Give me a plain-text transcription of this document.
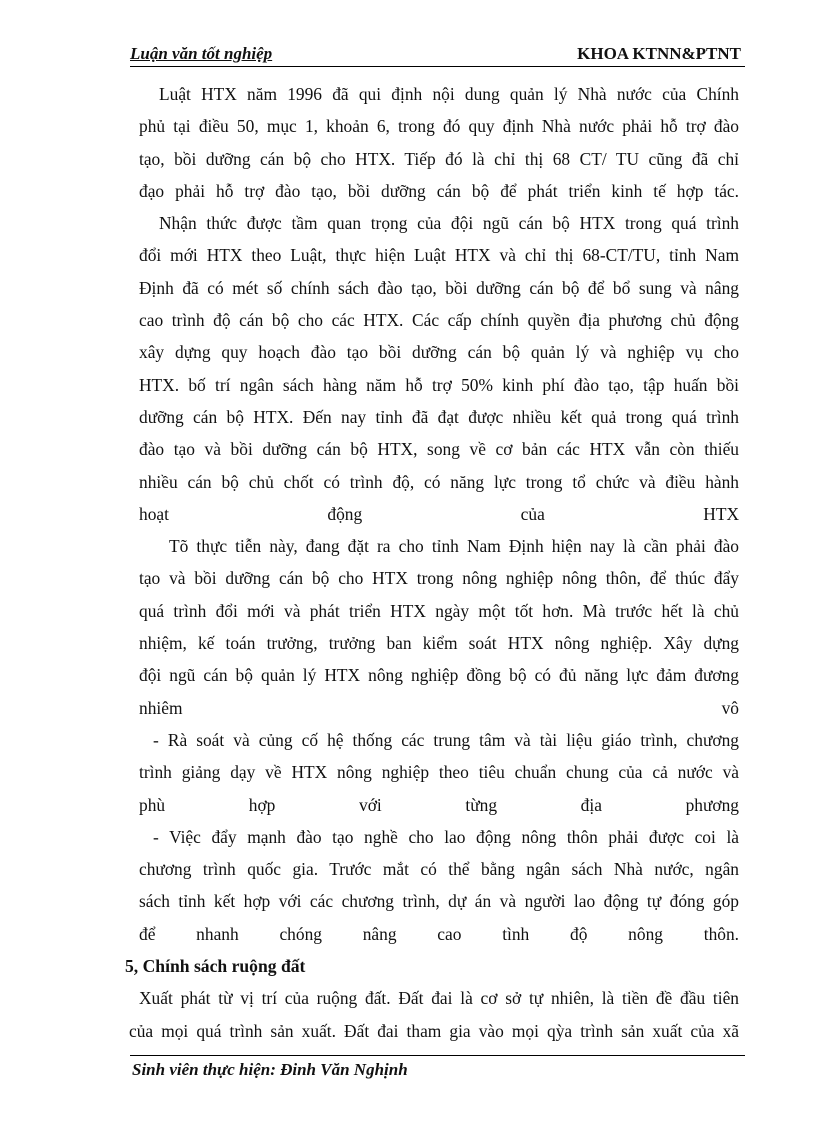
Luận văn tốt nghiệp	KHOA KTNN&PTNT
Luật HTX năm 1996 đã qui định nội dung quản lý Nhà nước của Chính
phủ tại điều 50, mục 1, khoản 6, trong đó quy định Nhà nước phải hỗ trợ đào
tạo, bồi dưỡng cán bộ cho HTX. Tiếp đó là chỉ thị 68 CT/ TU cũng đã chỉ
đạo phải hỗ trợ đào tạo, bồi dưỡng cán bộ để phát triển kinh tế hợp tác.
Nhận thức được tầm quan trọng của đội ngũ cán bộ HTX trong quá trình
đổi mới HTX theo Luật, thực hiện Luật HTX và chỉ thị 68-CT/TU, tỉnh Nam
Định đã có mét số chính sách đào tạo, bồi dưỡng cán bộ để bổ sung và nâng
cao trình độ cán bộ cho các HTX. Các cấp chính quyền địa phương chủ động
xây dựng quy hoạch đào tạo bồi dưỡng cán bộ quản lý và nghiệp vụ cho
HTX. bố trí ngân sách hàng năm hỗ trợ 50% kinh phí đào tạo, tập huấn bồi
dưỡng cán bộ HTX. Đến nay tỉnh đã đạt được nhiều kết quả trong quá trình
đào tạo và bồi dưỡng cán bộ HTX, song về cơ bản các HTX vẫn còn thiếu
nhiều cán bộ chủ chốt có trình độ, có năng lực trong tổ chức và điều hành
hoạt động của HTX
Tõ thực tiễn này, đang đặt ra cho tỉnh Nam Định hiện nay là cần phải đào
tạo và bồi dưỡng cán bộ cho HTX trong nông nghiệp nông thôn, để thúc đẩy
quá trình đổi mới và phát triển HTX ngày một tốt hơn. Mà trước hết là chủ
nhiệm, kế toán trưởng, trưởng ban kiểm soát HTX nông nghiệp. Xây dựng
đội ngũ cán bộ quản lý HTX nông nghiệp đồng bộ có đủ năng lực đảm đương
nhiêm vô
- Rà soát và củng cố hệ thống các trung tâm và tài liệu giáo trình, chương
trình giảng dạy về HTX nông nghiệp theo tiêu chuẩn chung của cả nước và
phù hợp với từng địa phương
- Việc đẩy mạnh đào tạo nghề cho lao động nông thôn phải được coi là
chương trình quốc gia. Trước mắt có thể bằng ngân sách Nhà nước, ngân
sách tỉnh kết hợp với các chương trình, dự án và người lao động tự đóng góp
để nhanh chóng nâng cao tình độ nông thôn.
5, Chính sách ruộng đất
Xuất phát từ vị trí của ruộng đất. Đất đai là cơ sở tự nhiên, là tiền đề đầu tiên
của mọi quá trình sản xuất. Đất đai tham gia vào mọi qỳa trình sản xuất của xã
Sinh viên thực hiện: Đinh Văn Nghịnh
